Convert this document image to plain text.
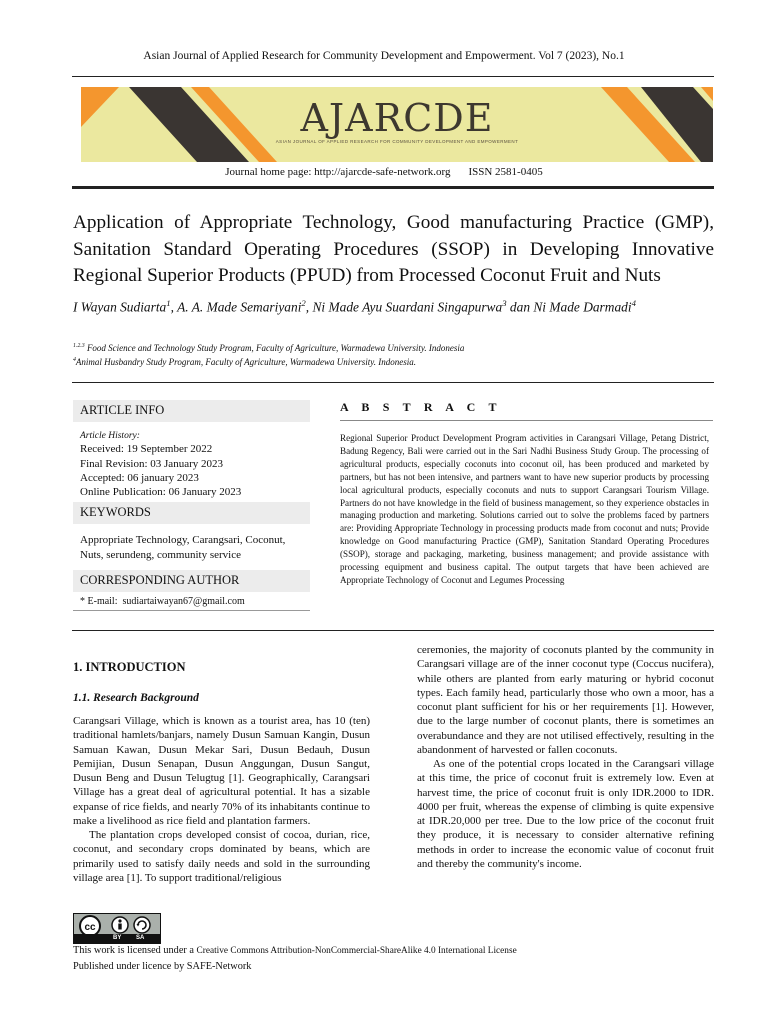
Asian Journal of Applied Research for Community Development and Empowerment. Vol 7 (2023), No.1
AJARCDE
ASIAN JOURNAL OF APPLIED RESEARCH FOR COMMUNITY DEVELOPMENT AND EMPOWERMENT
Journal home page: http://ajarcde-safe-network.org ISSN 2581-0405
Application of Appropriate Technology, Good manufacturing Practice (GMP), Sanitation Standard Operating Procedures (SSOP) in Developing Innovative Regional Superior Products (PPUD) from Processed Coconut Fruit and Nuts
I Wayan Sudiarta$^1$, A. A. Made Semariyani$^2$, Ni Made Ayu Suardani Singapurwa$^3$ dan Ni Made Darmadi$^4$
$^{1.2.3}$ Food Science and Technology Study Program, Faculty of Agriculture, Warmadewa University. Indonesia
$^4$Animal Husbandry Study Program, Faculty of Agriculture, Warmadewa University. Indonesia.
ARTICLE INFO
Article History:
Received: 19 September 2022
Final Revision: 03 January 2023
Accepted: 06 january 2023
Online Publication: 06 January 2023
KEYWORDS
Appropriate Technology, Carangsari, Coconut, Nuts, serundeng, community service
CORRESPONDING AUTHOR
* E-mail: sudiartaiwayan67@gmail.com
A B S T R A C T
Regional Superior Product Development Program activities in Carangsari Village, Petang District, Badung Regency, Bali were carried out in the Sari Nadhi Business Study Group. The processing of agricultural products, especially coconuts into coconut oil, has been produced and marketed by partners, but has not been intensive, and partners want to have new superior products by processing local agricultural products, especially coconuts and nuts to support Carangsari Tourism Village. Partners do not have knowledge in the field of business management, so they experience obstacles in managing production and marketing. Solutions carried out to solve the problems faced by partners are: Providing Appropriate Technology in processing products made from coconut and nuts; Provide knowledge on Good manufacturing Practice (GMP), Sanitation Standard Operating Procedures (SSOP), storage and packaging, marketing, business management; and provide assistance with processing equipment and business capital. The output targets that have been achieved are Appropriate Technology of Coconut and Legumes Processing
1. INTRODUCTION
1.1. Research Background

Carangsari Village, which is known as a tourist area, has 10 (ten) traditional hamlets/banjars, namely Dusun Samuan Kangin, Dusun Samuan Kawan, Dusun Mekar Sari, Dusun Bedauh, Dusun Pemijian, Dusun Senapan, Dusun Anggungan, Dusun Sangut, Dusun Beng and Dusun Telugtug [1]. Geographically, Carangsari Village has a great deal of agricultural potential. It has a sizable expanse of rice fields, and nearly 70% of its inhabitants continue to make a livelihood as rice field and plantation farmers.

The plantation crops developed consist of cocoa, durian, rice, coconut, and secondary crops dominated by beans, which are primarily used to satisfy daily needs and sold in the surrounding village area [1]. To support traditional/religious

ceremonies, the majority of coconuts planted by the community in Carangsari village are of the inner coconut type (Coccus nucifera), while others are planted from early maturing or hybrid coconut types. Each family head, particularly those who own a moor, has a coconut plant sufficient for his or her requirements [1]. However, due to the large number of coconut plants, there is sometimes an overabundance and they are not utilised effectively, resulting in the abandonment of harvested or fallen coconuts.

As one of the potential crops located in the Carangsari village at this time, the price of coconut fruit is extremely low. Even at harvest time, the price of coconut fruit is only IDR.2000 to IDR. 4000 per fruit, whereas the expense of climbing is quite expensive at IDR.20,000 per tree. Due to the low price of the coconut fruit they produce, it is necessary to consider alternative refining methods in order to increase the economic value of coconut fruit and thereby the community's income.

cc
BY SA
This work is licensed under a Creative Commons Attribution-NonCommercial-ShareAlike 4.0 International License
Published under licence by SAFE-Network
